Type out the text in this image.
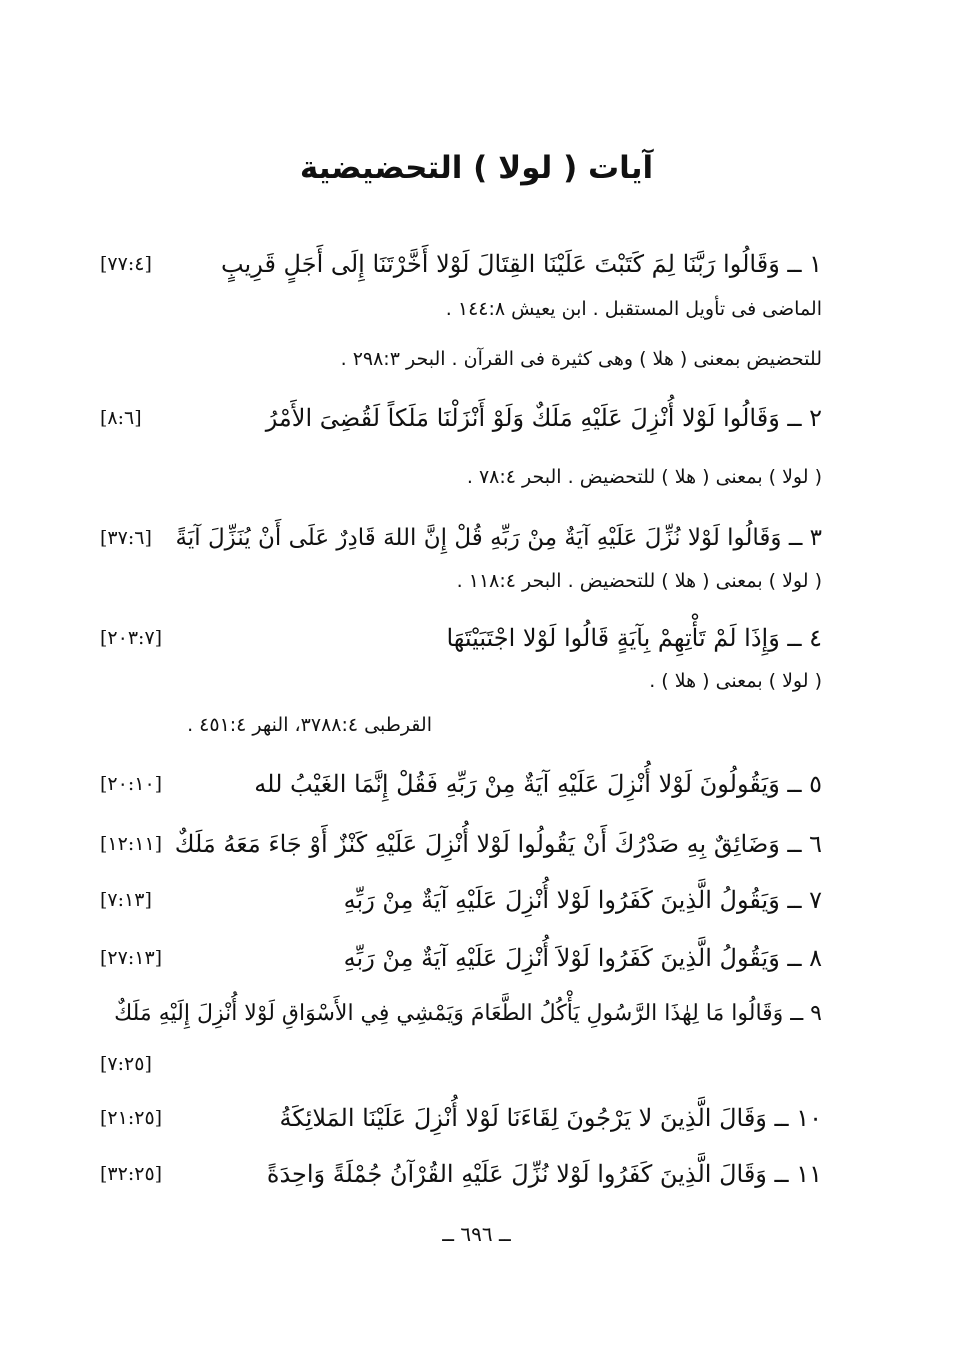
آيات ( لولا ) التحضيضية
١ ــ وَقَالُوا رَبَّنَا لِمَ كَتَبْتَ عَلَيْنَا القِتَالَ لَوْلا أَخَّرْتَنَا إِلَى أَجَلٍ قَرِيبٍ
[٧٧:٤]
الماضى فى تأويل المستقبل . ابن يعيش ١٤٤:٨ .
للتحضيض بمعنى ( هلا ) وهى كثيرة فى القرآن . البحر ٢٩٨:٣ .
٢ ــ وَقَالُوا لَوْلا أُنْزِلَ عَلَيْهِ مَلَكٌ وَلَوْ أَنْزَلْنَا مَلَكاً لَقُضِىَ الأَمْرُ
[٨:٦]
( لولا ) بمعنى ( هلا ) للتحضيض . البحر ٧٨:٤ .
٣ ــ وَقَالُوا لَوْلا نُزِّلَ عَلَيْهِ آيَةٌ مِنْ رَبِّهِ قُلْ إِنَّ اللهَ قَادِرٌ عَلَى أَنْ يُنَزِّلَ آيَةً
[٣٧:٦]
( لولا ) بمعنى ( هلا ) للتحضيض . البحر ١١٨:٤ .
٤ ــ وَإِذَا لَمْ تَأْتِهِمْ بِآيَةٍ قَالُوا لَوْلا اجْتَبَيْتَهَا
[٢٠٣:٧]
( لولا ) بمعنى ( هلا ) .
القرطبى ٣٧٨٨:٤، النهر ٤٥١:٤ .
٥ ــ وَيَقُولُونَ لَوْلا أُنْزِلَ عَلَيْهِ آيَةٌ مِنْ رَبِّهِ فَقُلْ إِنَّمَا الغَيْبُ لله
[٢٠:١٠]
٦ ــ وَضَائِقٌ بِهِ صَدْرُكَ أَنْ يَقُولُوا لَوْلا أُنْزِلَ عَلَيْهِ كَنْزٌ أَوْ جَاءَ مَعَهُ مَلَكٌ
[١٢:١١]
٧ ــ وَيَقُولُ الَّذِينَ كَفَرُوا لَوْلا أُنْزِلَ عَلَيْهِ آيَةٌ مِنْ رَبِّهِ
[٧:١٣]
٨ ــ وَيَقُولُ الَّذِينَ كَفَرُوا لَوْلاَ أُنْزِلَ عَلَيْهِ آيَةٌ مِنْ رَبِّهِ
[٢٧:١٣]
٩ ــ وَقَالُوا مَا لِهٰذَا الرَّسُولِ يَأْكُلُ الطَّعَامَ وَيَمْشِي فِي الأَسْوَاقِ لَوْلا أُنْزِلَ إِلَيْهِ مَلَكٌ
[٧:٢٥]
١٠ ــ وَقَالَ الَّذِينَ لا يَرْجُونَ لِقَاءَنَا لَوْلا أُنْزِلَ عَلَيْنَا المَلائِكَةُ
[٢١:٢٥]
١١ ــ وَقَالَ الَّذِينَ كَفَرُوا لَوْلا نُزِّلَ عَلَيْهِ القُرْآنُ جُمْلَةً وَاحِدَةً
[٣٢:٢٥]
ــ ٦٩٦ ــ
